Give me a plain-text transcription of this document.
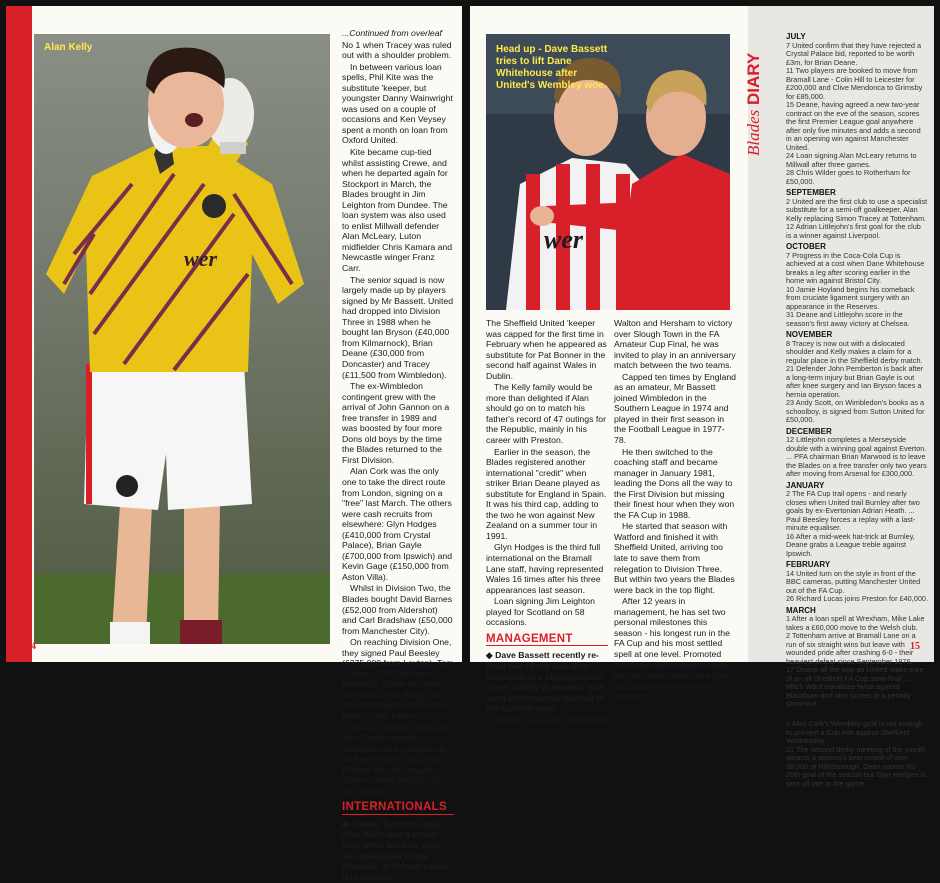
wer
Alan Kelly

...Continued from overleaf

No 1 when Tracey was ruled out with a shoulder problem.

In between various loan spells, Phil Kite was the substitute 'keeper, but youngster Danny Wainwright was used on a couple of occasions and Ken Veysey spent a month on loan from Oxford United.

Kite became cup-tied whilst assisting Crewe, and when he departed again for Stockport in March, the Blades brought in Jim Leighton from Dundee. The loan system was also used to enlist Millwall defender Alan McLeary, Luton midfielder Chris Kamara and Newcastle winger Franz Carr.

The senior squad is now largely made up by players signed by Mr Bassett. United had dropped into Division Three in 1988 when he bought Ian Bryson (£40,000 from Kilmarnock), Brian Deane (£30,000 from Doncaster) and Tracey (£11,500 from Wimbledon).

The ex-Wimbledon contingent grew with the arrival of John Gannon on a free transfer in 1989 and was boosted by four more Dons old boys by the time the Blades returned to the First Division.

Alan Cork was the only one to take the direct route from London, signing on a "free" last March. The others were cash recruits from elsewhere: Glyn Hodges (£410,000 from Crystal Palace), Brian Gayle (£700,000 from Ipswich) and Kevin Gage (£150,000 from Aston Villa).

Whilst in Division Two, the Blades bought David Barnes (£52,000 from Aldershot) and Carl Bradshaw (£50,000 from Manchester City).

On reaching Division One, they signed Paul Beesley (£375,000 from Leyton), Tom Cowan (£350,000 from Rangers), Jamie Hoyland (£250,000 from Bury) and John Pemberton (£250,000 from Crystal Palace).

Adrian Littlejohn (Walsall) and Charlie Hartfield (Arsenal) were snapped up on free transfers and Paul Rogers left non-League Sutton United for £50,000 last season.

INTERNATIONALS

◆ Former Everton coach Alan Kelly was a proud man when his son, Alan Jnr, graduated to the Republic of Ireland squad this season.

14
wer
Head up - Dave Bassett tries to lift Dane Whitehouse after United's Wembley woe.

The Sheffield United 'keeper was capped for the first time in February when he appeared as substitute for Pat Bonner in the second half against Wales in Dublin.

The Kelly family would be more than delighted if Alan should go on to match his father's record of 47 outings for the Republic, mainly in his career with Preston.

Earlier in the season, the Blades registered another international "credit" when striker Brian Deane played as substitute for England in Spain. It was his third cap, adding to the two he won against New Zealand on a summer tour in 1991.

Glyn Hodges is the third full international on the Bramall Lane staff, having represented Wales 16 times after his three appearances last season.

Loan signing Jim Leighton played for Scotland on 58 occasions.

MANAGEMENT

◆ Dave Bassett recently re-lived one of the proudest moments of a playing career spent mainly in amateur and semi-professional football in the London area.

Twenty years after captaining

Walton and Hersham to victory over Slough Town in the FA Amateur Cup Final, he was invited to play in an anniversary match between the two teams.

Capped ten times by England as an amateur, Mr Bassett joined Wimbledon in the Southern League in 1974 and played in their first season in the Football League in 1977-78.

He then switched to the coaching staff and became manager in January 1981, leading the Dons all the way to the First Division but missing their finest hour when they won the FA Cup in 1988.

He started that season with Watford and finished it with Sheffield United, arriving too late to save them from relegation to Division Three. But within two years the Blades were back in the top flight.

After 12 years in management, he has set two personal milestones this season - his longest run in the FA Cup and his most settled spell at one level. Promoted five times and relegated twice, he had never spent more than two seasons in the same division.

Blades DIARY
JULY

7 United confirm that they have rejected a Crystal Palace bid, reported to be worth £3m, for Brian Deane.

11 Two players are booked to move from Bramall Lane - Colin Hill to Leicester for £200,000 and Clive Mendonca to Grimsby for £85,000.

15 Deane, having agreed a new two-year contract on the eve of the season, scores the first Premier League goal anywhere after only five minutes and adds a second in an opening win against Manchester United.

24 Loan signing Alan McLeary returns to Millwall after three games.

28 Chris Wilder goes to Rotherham for £50,000.

SEPTEMBER

2 United are the first club to use a specialist substitute for a semi-off goalkeeper, Alan Kelly replacing Simon Tracey at Tottenham.

12 Adrian Littlejohn's first goal for the club is a winner against Liverpool.

OCTOBER

7 Progress in the Coca-Cola Cup is achieved at a cost when Dane Whitehouse breaks a leg after scoring earlier in the home win against Bristol City.

10 Jamie Hoyland begins his comeback from cruciate ligament surgery with an appearance in the Reserves.

31 Deane and Littlejohn score in the season's first away victory at Chelsea.

NOVEMBER

8 Tracey is now out with a dislocated shoulder and Kelly makes a claim for a regular place in the Sheffield derby match.

21 Defender John Pemberton is back after a long-term injury but Brian Gayle is out after knee surgery and Ian Bryson faces a hernia operation.

23 Andy Scott, on Wimbledon's books as a schoolboy, is signed from Sutton United for £50,000.

DECEMBER

12 Littlejohn completes a Merseyside double with a winning goal against Everton. ... PFA chairman Brian Marwood is to leave the Blades on a free transfer only two years after moving from Arsenal for £300,000.

JANUARY

2 The FA Cup trail opens - and nearly closes when United trail Burnley after two goals by ex-Evertonian Adrian Heath. ... Paul Beesley forces a replay with a last-minute equaliser.

16 After a mid-week hat-trick at Burnley, Deane grabs a League treble against Ipswich.

FEBRUARY

14 United turn on the style in front of the BBC cameras, putting Manchester United out of the FA Cup.

26 Richard Lucas joins Preston for £40,000.

MARCH

1 After a loan spell at Wrexham, Mike Lake takes a £60,000 move to the Welsh club.

2 Tottenham arrive at Bramall Lane on a run of six straight wins but leave with wounded pride after crashing 6-0 - their heaviest defeat since September 1976.

17 Drama all the way as United make sure of an all-Sheffield FA Cup semi-final ... Mitch Ward equalises twice against Blackburn and also scores in a penalty shoot-out.

APRIL

3 Alan Cork's Wembley goal is not enough to prevent a Cup exit against Sheffield Wednesday.

21 The second derby meeting of the month attracts a season's best crowd of over 38,000 at Hillsborough. Dean scores his 20th goal of the season but Glyn Hodges is sent off late in the game.

15
